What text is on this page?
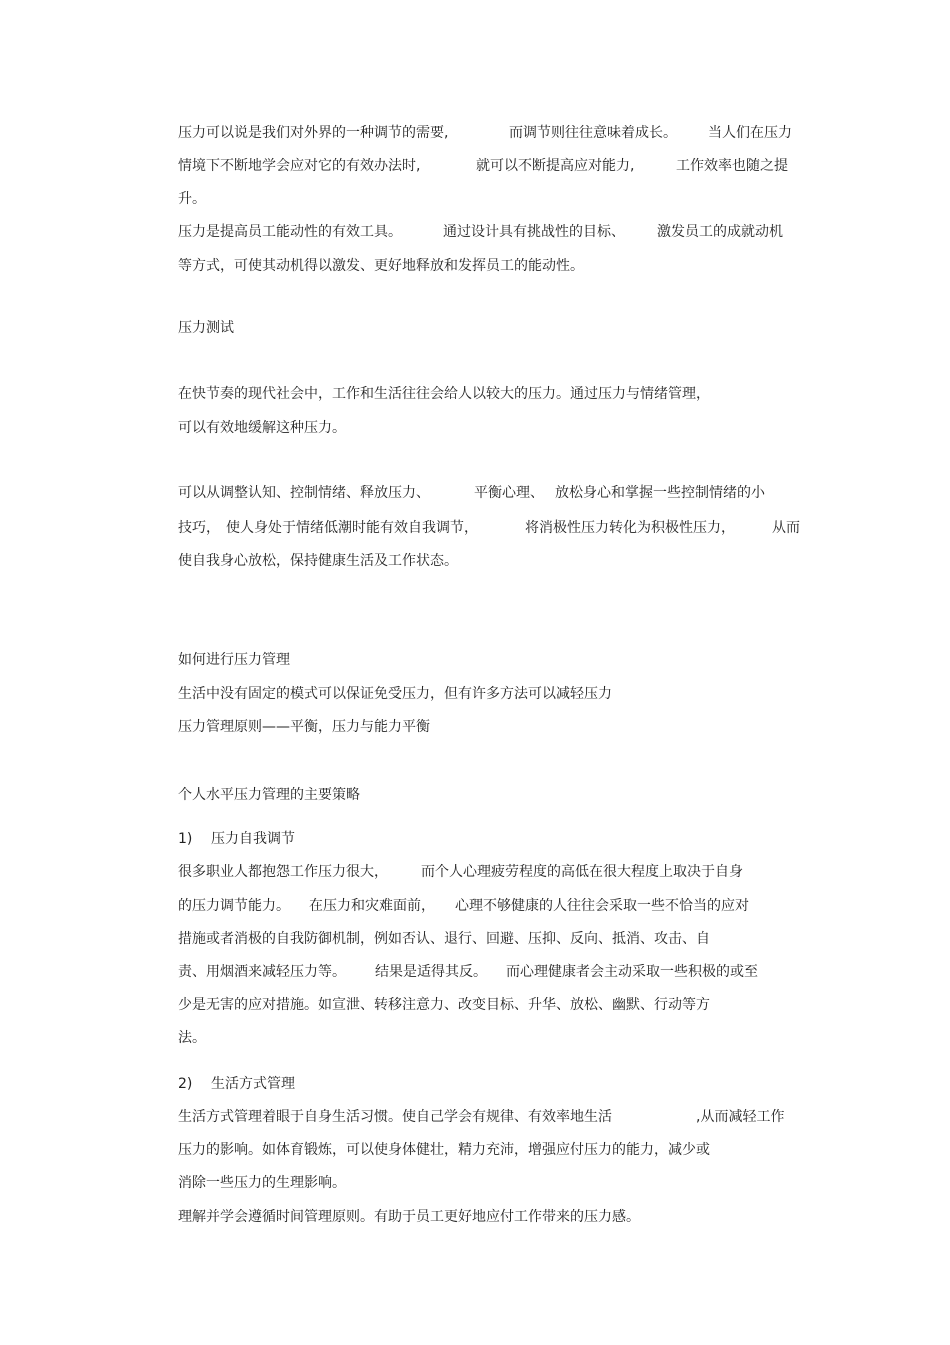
压力可以说是我们对外界的一种调节的需要,	而调节则往往意味着成长。 当人们在压力
情境下不断地学会应对它的有效办法时,	就可以不断提高应对能力,	工作效率也随之提
升。
压力是提高员工能动性的有效工具。	通过设计具有挑战性的目标、 激发员工的成就动机
等方式，可使其动机得以激发、更好地释放和发挥员工的能动性。
压力测试
在快节奏的现代社会中，工作和生活往往会给人以较大的压力。通过压力与情绪管理，
可以有效地缓解这种压力。
可以从调整认知、控制情绪、释放压力、	平衡心理、 放松身心和掌握一些控制情绪的小
技巧， 使人身处于情绪低潮时能有效自我调节，	将消极性压力转化为积极性压力，	从而
使自我身心放松，保持健康生活及工作状态。
如何进行压力管理
生活中没有固定的模式可以保证免受压力，但有许多方法可以减轻压力
压力管理原则——平衡，压力与能力平衡
个人水平压力管理的主要策略
1) 压力自我调节
很多职业人都抱怨工作压力很大， 而个人心理疲劳程度的高低在很大程度上取决于自身
的压力调节能力。 在压力和灾难面前， 心理不够健康的人往往会采取一些不恰当的应对
措施或者消极的自我防御机制，例如否认、退行、回避、压抑、反向、抵消、攻击、自
责、用烟酒来减轻压力等。 结果是适得其反。 而心理健康者会主动采取一些积极的或至
少是无害的应对措施。如宣泄、转移注意力、改变目标、升华、放松、幽默、行动等方
法。
2) 生活方式管理
生活方式管理着眼于自身生活习惯。使自己学会有规律、有效率地生活	,从而减轻工作
压力的影响。如体育锻炼，可以使身体健壮，精力充沛，增强应付压力的能力，减少或
消除一些压力的生理影响。
理解并学会遵循时间管理原则。有助于员工更好地应付工作带来的压力感。
